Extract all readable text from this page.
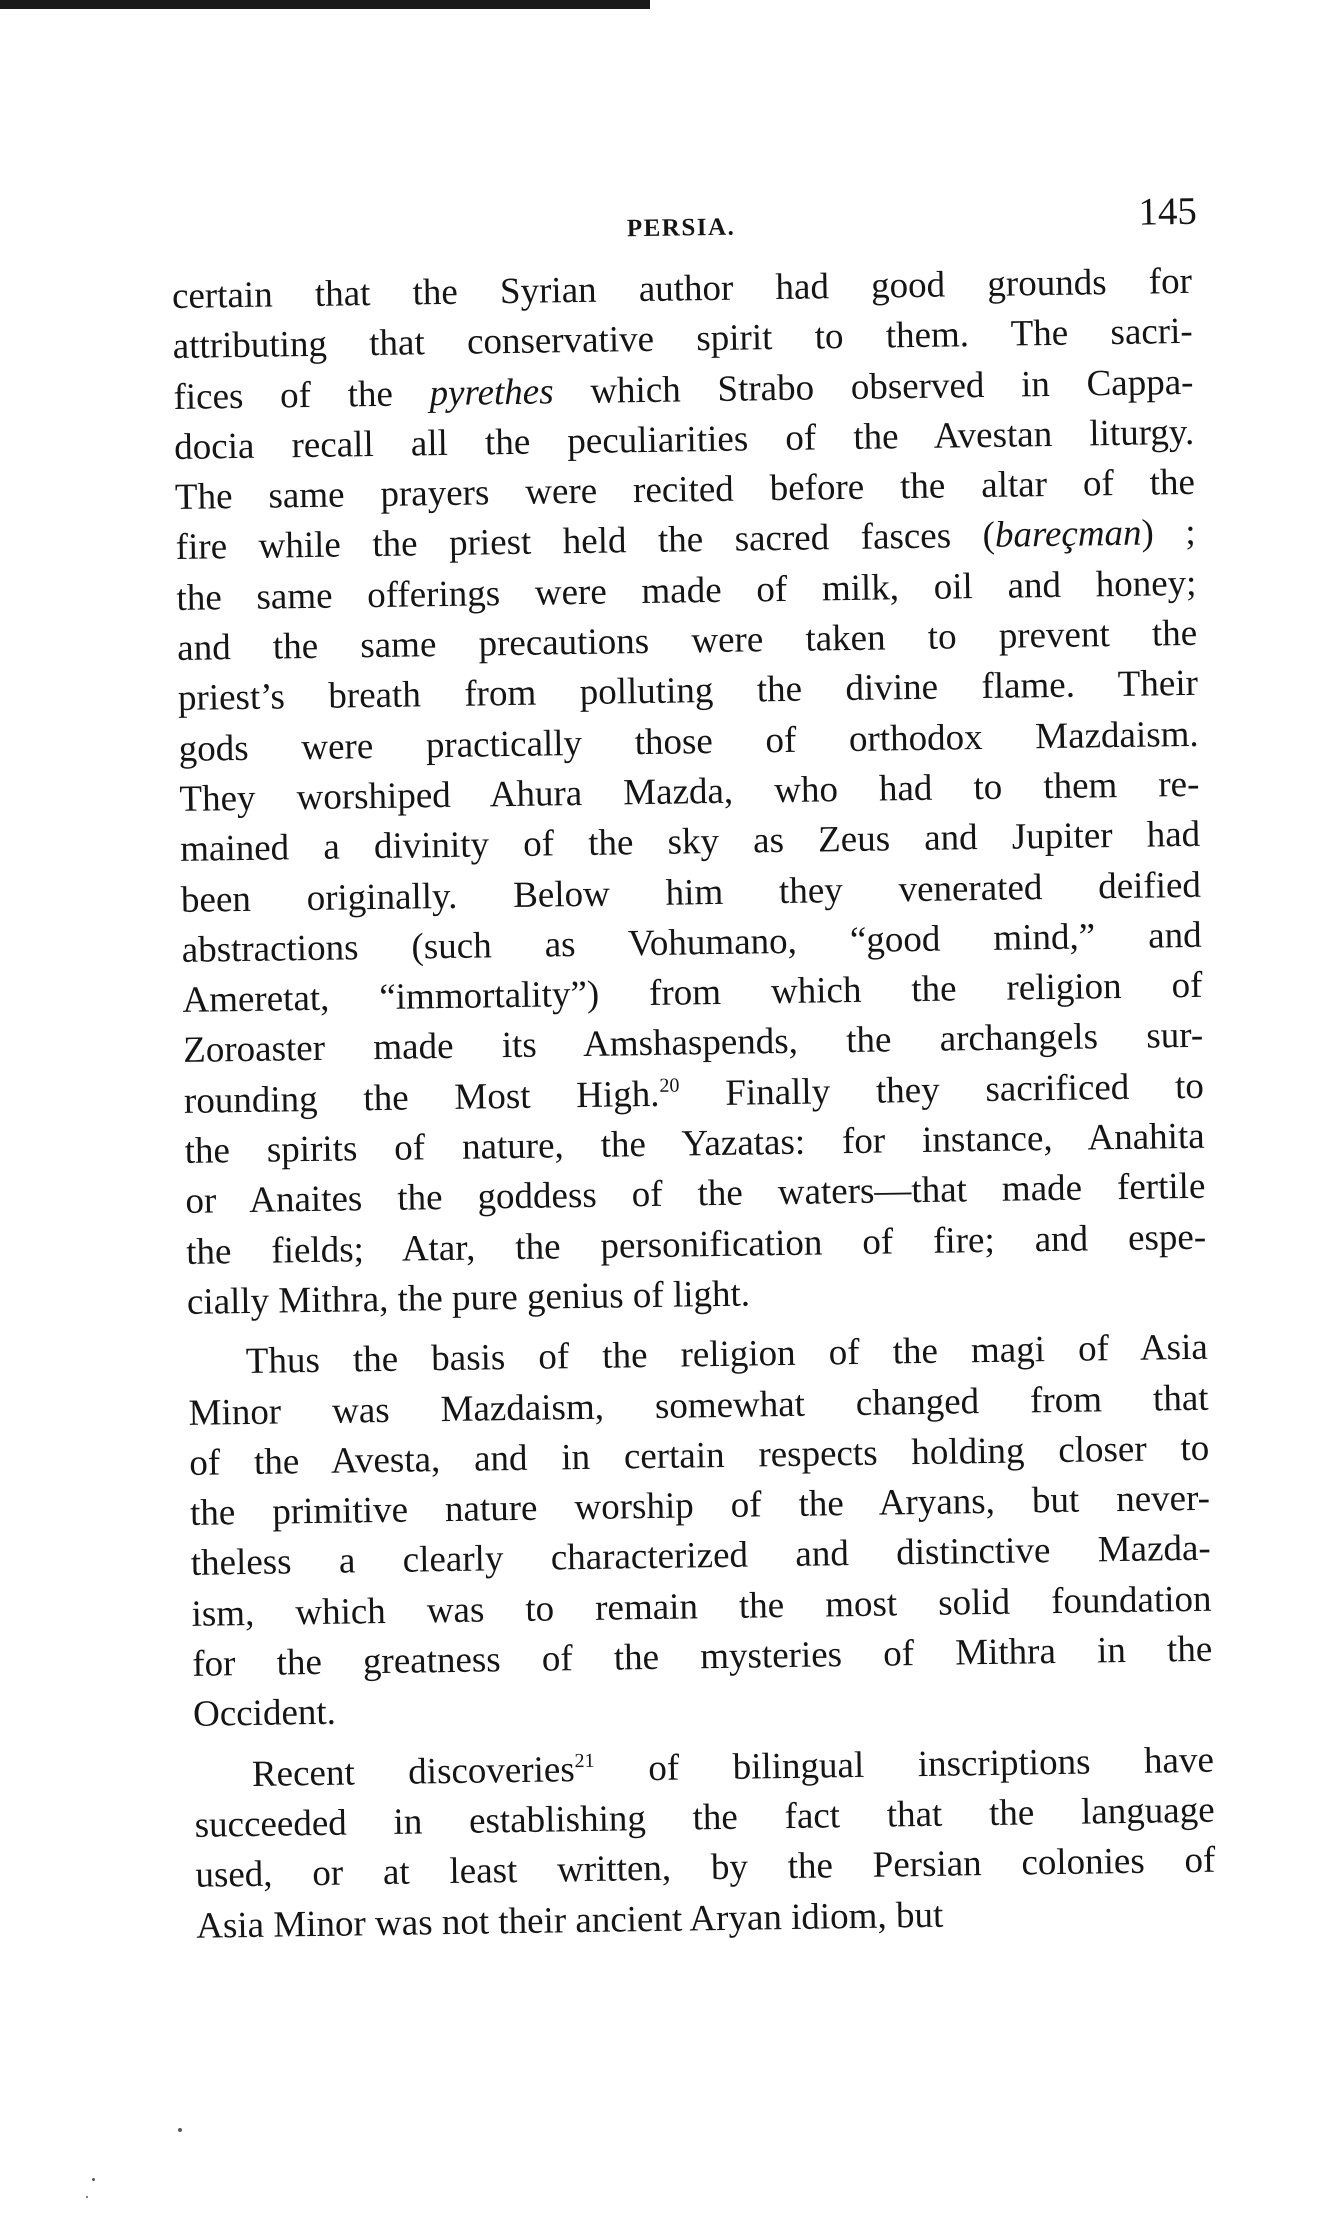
PERSIA.	145
certain that the Syrian author had good grounds for
attributing that conservative spirit to them. The sacri-
fices of the pyrethes which Strabo observed in Cappa-
docia recall all the peculiarities of the Avestan liturgy.
The same prayers were recited before the altar of the
fire while the priest held the sacred fasces (bareçman) ;
the same offerings were made of milk, oil and honey;
and the same precautions were taken to prevent the
priest’s breath from polluting the divine flame. Their
gods were practically those of orthodox Mazdaism.
They worshiped Ahura Mazda, who had to them re-
mained a divinity of the sky as Zeus and Jupiter had
been originally. Below him they venerated deified
abstractions (such as Vohumano, “good mind,” and
Ameretat, “immortality”) from which the religion of
Zoroaster made its Amshaspends, the archangels sur-
rounding the Most High.$^{20}$ Finally they sacrificed to
the spirits of nature, the Yazatas: for instance, Anahita
or Anaites the goddess of the waters—that made fertile
the fields; Atar, the personification of fire; and espe-
cially Mithra, the pure genius of light.
Thus the basis of the religion of the magi of Asia
Minor was Mazdaism, somewhat changed from that
of the Avesta, and in certain respects holding closer to
the primitive nature worship of the Aryans, but never-
theless a clearly characterized and distinctive Mazda-
ism, which was to remain the most solid foundation
for the greatness of the mysteries of Mithra in the
Occident.
Recent discoveries$^{21}$ of bilingual inscriptions have
succeeded in establishing the fact that the language
used, or at least written, by the Persian colonies of
Asia Minor was not their ancient Aryan idiom, but
